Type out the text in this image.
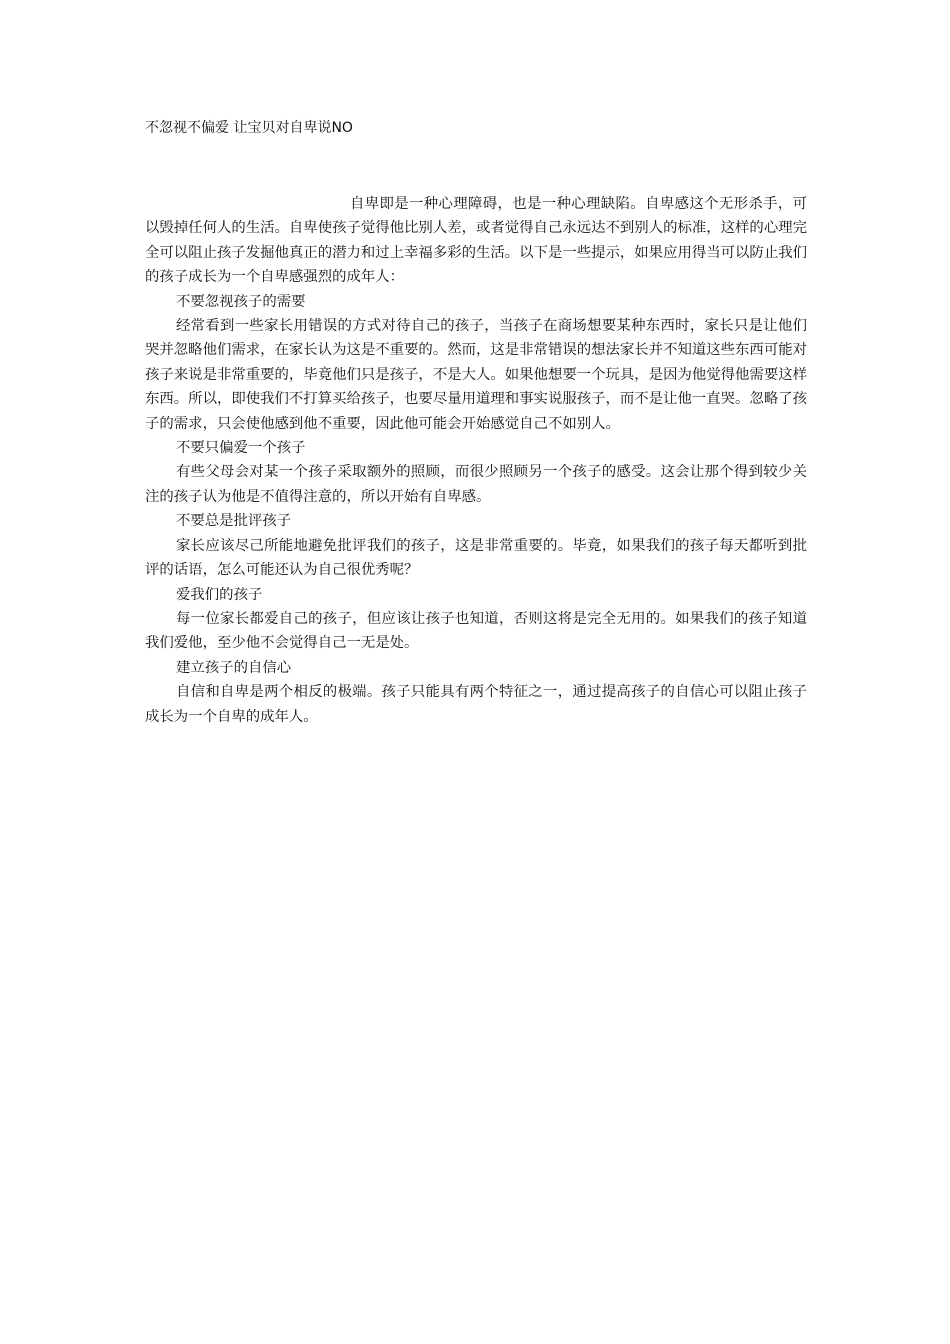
不忽视不偏爱 让宝贝对自卑说NO

自卑即是一种心理障碍，也是一种心理缺陷。自卑感这个无形杀手，可以毁掉任何人的生活。自卑使孩子觉得他比别人差，或者觉得自己永远达不到别人的标准，这样的心理完全可以阻止孩子发掘他真正的潜力和过上幸福多彩的生活。以下是一些提示，如果应用得当可以防止我们的孩子成长为一个自卑感强烈的成年人：

不要忽视孩子的需要

经常看到一些家长用错误的方式对待自己的孩子，当孩子在商场想要某种东西时，家长只是让他们哭并忽略他们需求，在家长认为这是不重要的。然而，这是非常错误的想法家长并不知道这些东西可能对孩子来说是非常重要的，毕竟他们只是孩子，不是大人。如果他想要一个玩具，是因为他觉得他需要这样东西。所以，即使我们不打算买给孩子，也要尽量用道理和事实说服孩子，而不是让他一直哭。忽略了孩子的需求，只会使他感到他不重要，因此他可能会开始感觉自己不如别人。

不要只偏爱一个孩子

有些父母会对某一个孩子采取额外的照顾，而很少照顾另一个孩子的感受。这会让那个得到较少关注的孩子认为他是不值得注意的，所以开始有自卑感。

不要总是批评孩子

家长应该尽己所能地避免批评我们的孩子，这是非常重要的。毕竟，如果我们的孩子每天都听到批评的话语，怎么可能还认为自己很优秀呢？

爱我们的孩子

每一位家长都爱自己的孩子，但应该让孩子也知道，否则这将是完全无用的。如果我们的孩子知道我们爱他，至少他不会觉得自己一无是处。

建立孩子的自信心

自信和自卑是两个相反的极端。孩子只能具有两个特征之一，通过提高孩子的自信心可以阻止孩子成长为一个自卑的成年人。
